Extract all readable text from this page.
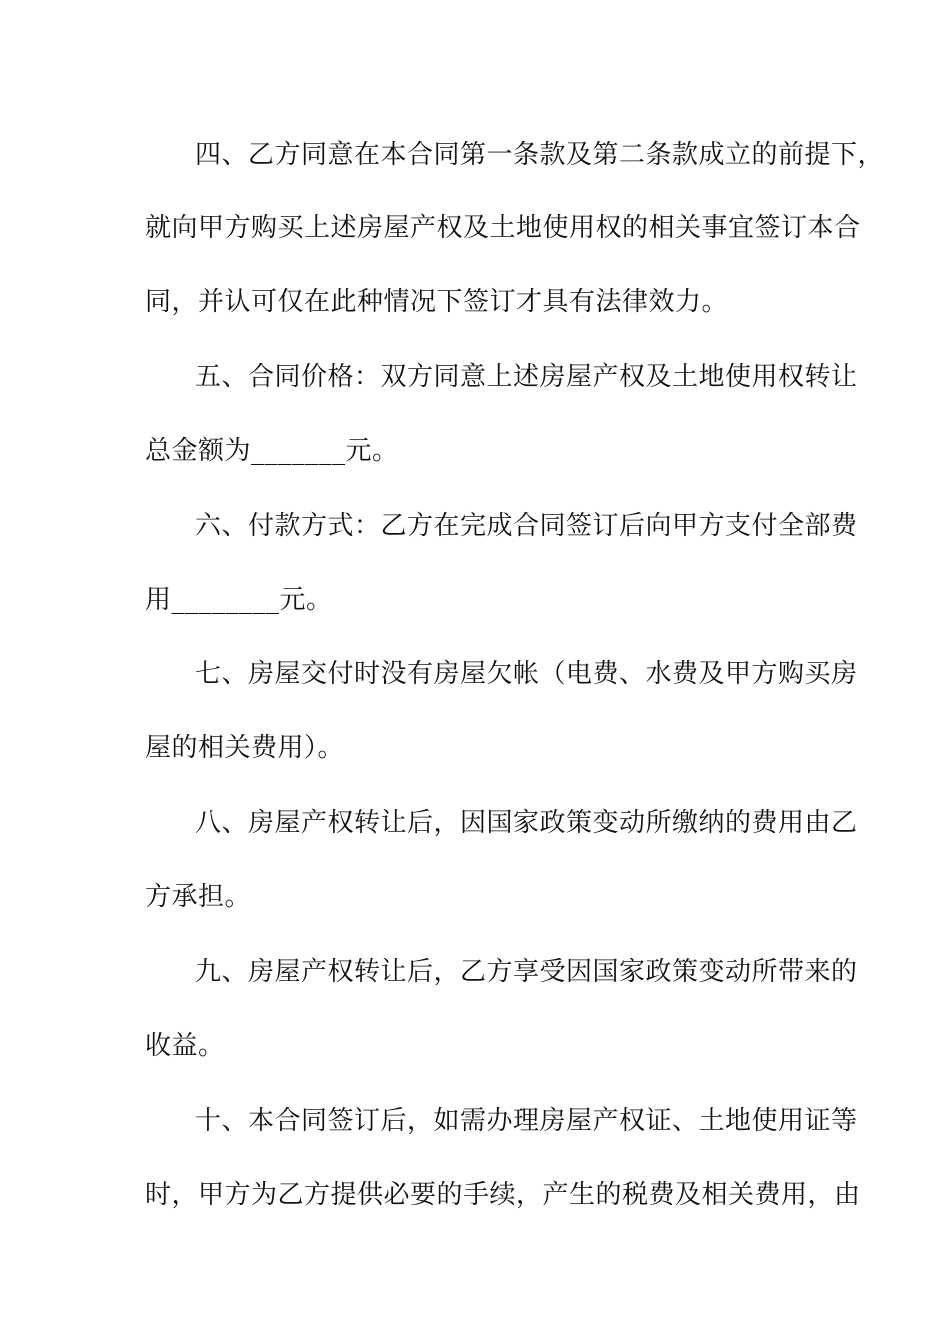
四、乙方同意在本合同第一条款及第二条款成立的前提下，
就向甲方购买上述房屋产权及土地使用权的相关事宜签订本合
同，并认可仅在此种情况下签订才具有法律效力。
五、合同价格：双方同意上述房屋产权及土地使用权转让
总金额为_______元。
六、付款方式：乙方在完成合同签订后向甲方支付全部费
用________元。
七、房屋交付时没有房屋欠帐（电费、水费及甲方购买房
屋的相关费用）。
八、房屋产权转让后，因国家政策变动所缴纳的费用由乙
方承担。
九、房屋产权转让后，乙方享受因国家政策变动所带来的
收益。
十、本合同签订后，如需办理房屋产权证、土地使用证等
时，甲方为乙方提供必要的手续，产生的税费及相关费用，由
